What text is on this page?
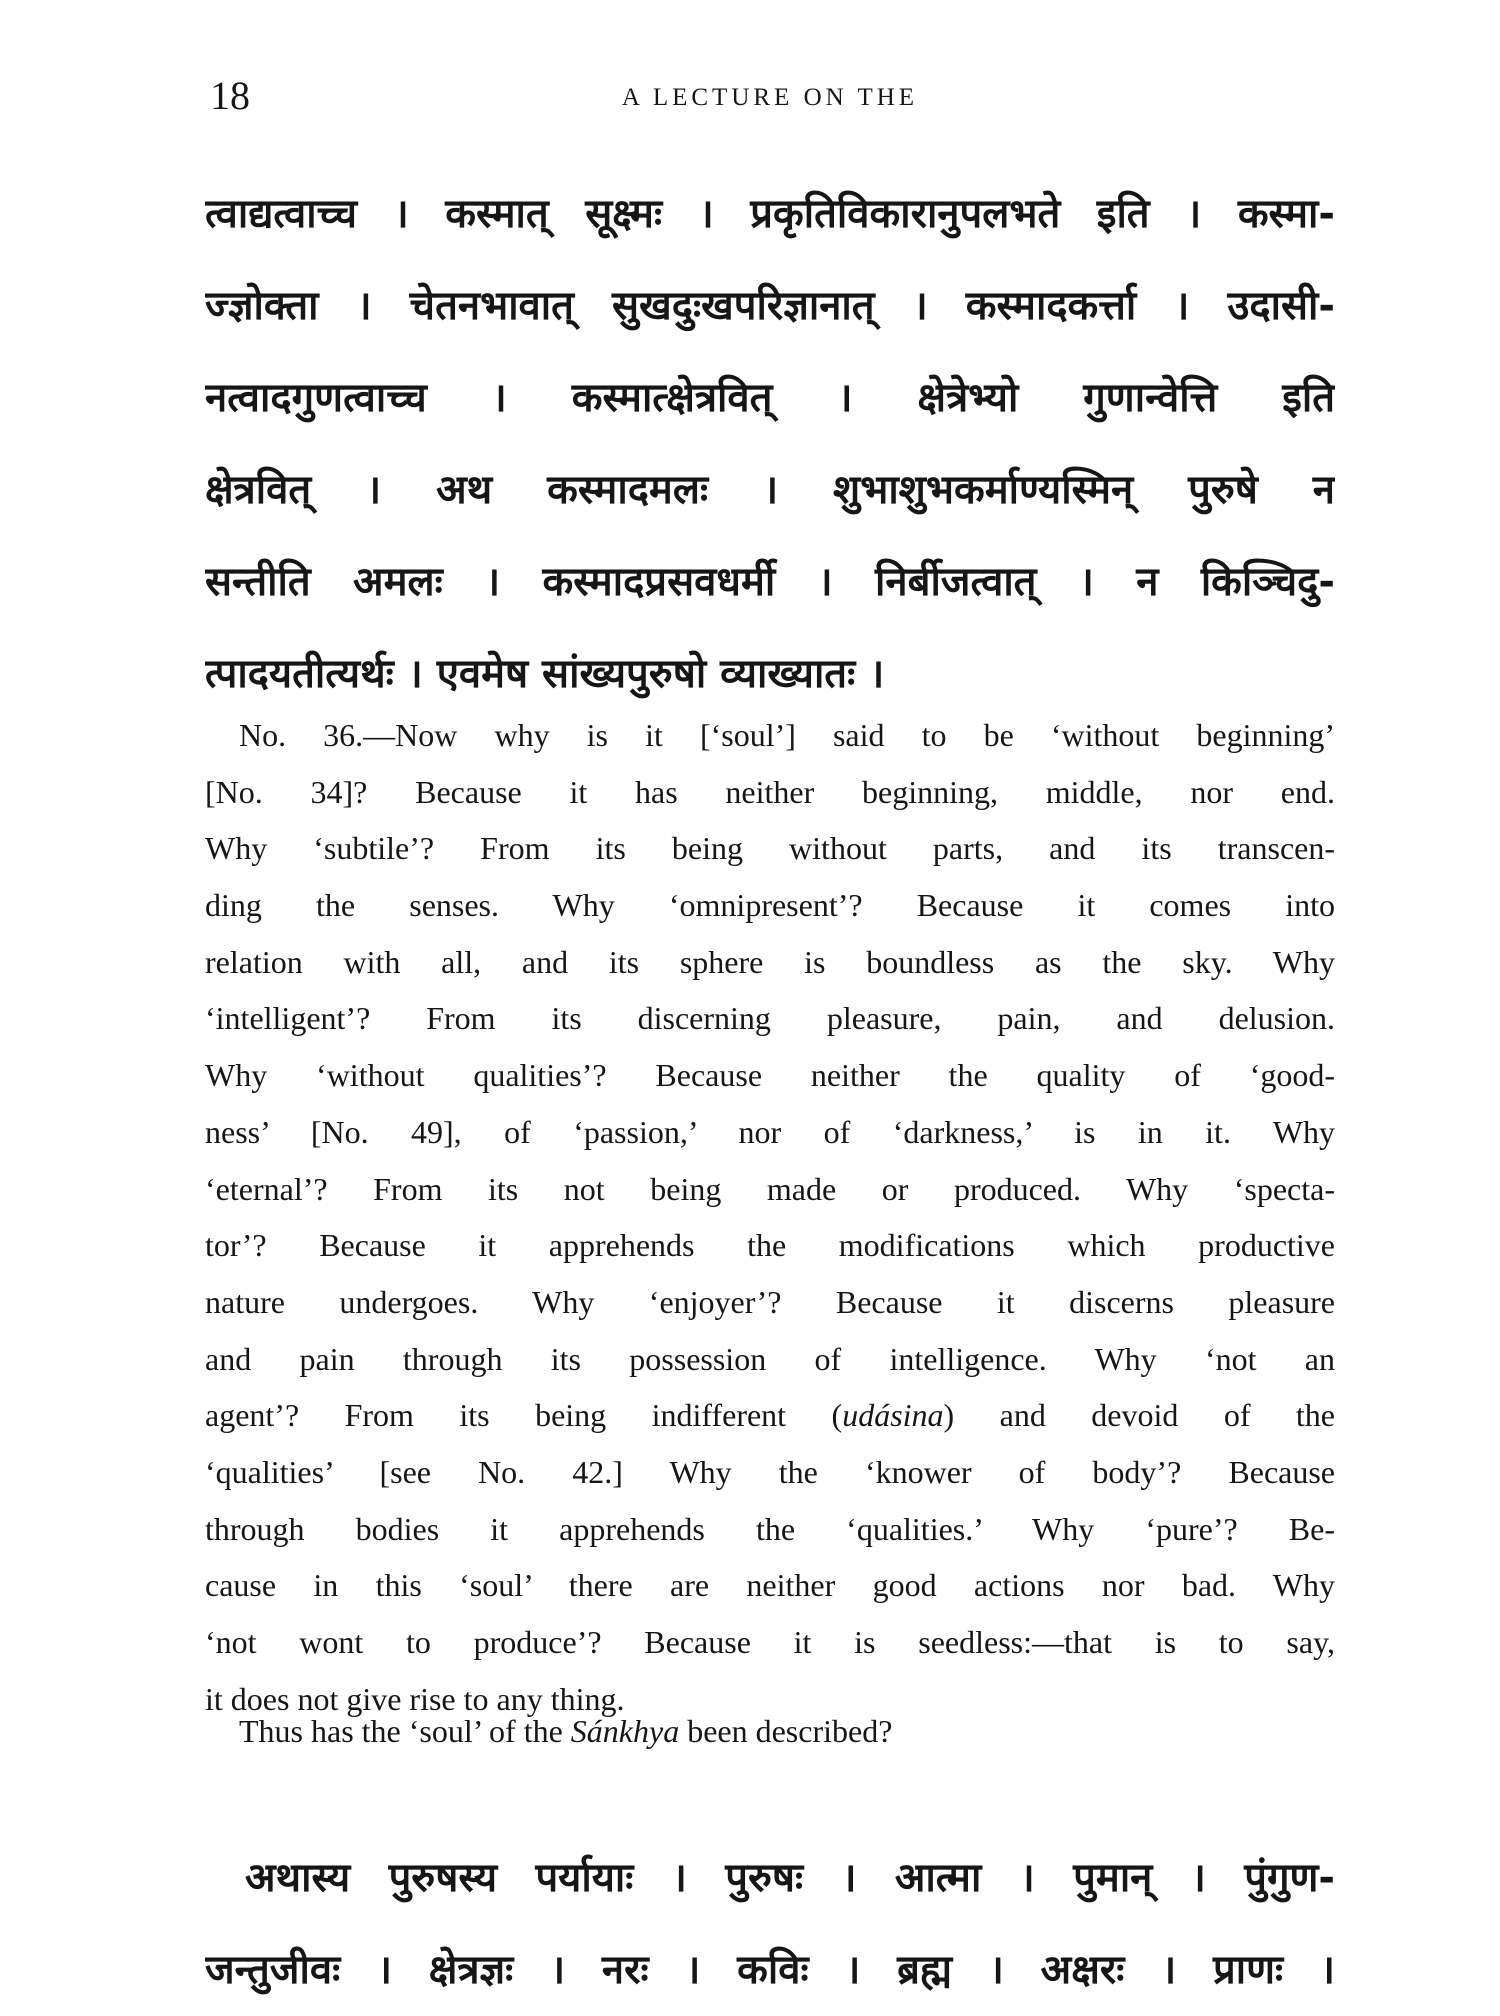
18	A LECTURE ON THE
त्वाद्यत्वाच्च । कस्मात् सूक्ष्मः । प्रकृतिविकारानुपलभते इति । कस्मा-
ज्ज्ञोक्ता । चेतनभावात् सुखदुःखपरिज्ञानात् । कस्मादकर्त्ता । उदासी-
नत्वादगुणत्वाच्च । कस्मात्क्षेत्रवित् । क्षेत्रेभ्यो गुणान्वेत्ति इति
क्षेत्रवित् । अथ कस्मादमलः । शुभाशुभकर्माण्यस्मिन् पुरुषे न
सन्तीति अमलः । कस्मादप्रसवधर्मी । निर्बीजत्वात् । न किञ्चिदु-
त्पादयतीत्यर्थः । एवमेष सांख्यपुरुषो व्याख्यातः ।
No. 36.—Now why is it [‘soul’] said to be ‘without beginning’
[No. 34]? Because it has neither beginning, middle, nor end.
Why ‘subtile’? From its being without parts, and its transcen-
ding the senses. Why ‘omnipresent’? Because it comes into
relation with all, and its sphere is boundless as the sky. Why
‘intelligent’? From its discerning pleasure, pain, and delusion.
Why ‘without qualities’? Because neither the quality of ‘good-
ness’ [No. 49], of ‘passion,’ nor of ‘darkness,’ is in it. Why
‘eternal’? From its not being made or produced. Why ‘specta-
tor’? Because it apprehends the modifications which productive
nature undergoes. Why ‘enjoyer’? Because it discerns pleasure
and pain through its possession of intelligence. Why ‘not an
agent’? From its being indifferent (udásina) and devoid of the
‘qualities’ [see No. 42.] Why the ‘knower of body’? Because
through bodies it apprehends the ‘qualities.’ Why ‘pure’? Be-
cause in this ‘soul’ there are neither good actions nor bad. Why
‘not wont to produce’? Because it is seedless:—that is to say,
it does not give rise to any thing.
Thus has the ‘soul’ of the Sánkhya been described?
अथास्य पुरुषस्य पर्यायाः । पुरुषः । आत्मा । पुमान् । पुंगुण-
जन्तुजीवः । क्षेत्रज्ञः । नरः । कविः । ब्रह्म । अक्षरः । प्राणः ।
